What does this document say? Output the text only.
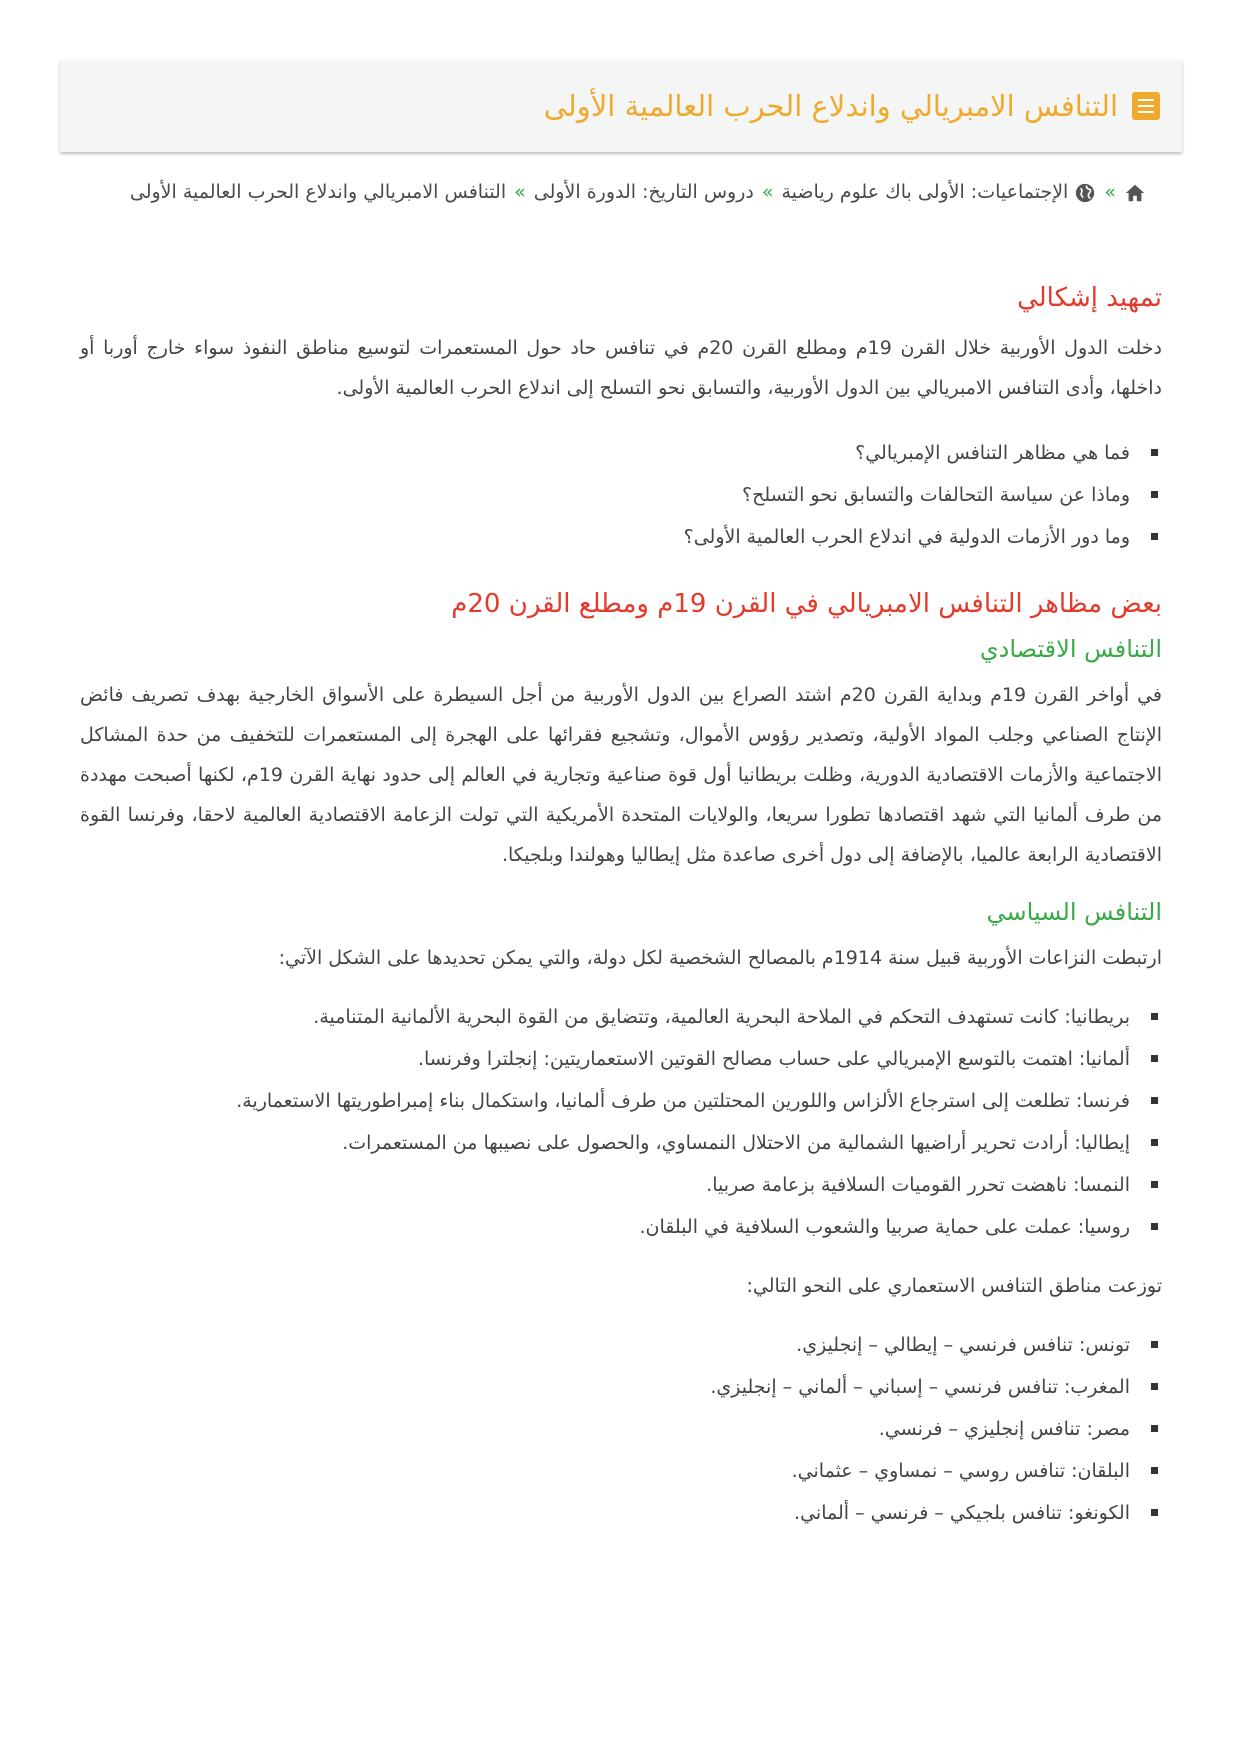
التنافس الامبريالي واندلاع الحرب العالمية الأولى
» الإجتماعيات: الأولى باك علوم رياضية»دروس التاريخ: الدورة الأولى»التنافس الامبريالي واندلاع الحرب العالمية الأولى
تمهيد إشكالي

دخلت الدول الأوربية خلال القرن 19م ومطلع القرن 20م في تنافس حاد حول المستعمرات لتوسيع مناطق النفوذ سواء خارج أوربا أو داخلها، وأدى التنافس الامبريالي بين الدول الأوربية، والتسابق نحو التسلح إلى اندلاع الحرب العالمية الأولى.

فما هي مظاهر التنافس الإمبريالي؟
وماذا عن سياسة التحالفات والتسابق نحو التسلح؟
وما دور الأزمات الدولية في اندلاع الحرب العالمية الأولى؟
بعض مظاهر التنافس الامبريالي في القرن 19م ومطلع القرن 20م
التنافس الاقتصادي

في أواخر القرن 19م وبداية القرن 20م اشتد الصراع بين الدول الأوربية من أجل السيطرة على الأسواق الخارجية بهدف تصريف فائض الإنتاج الصناعي وجلب المواد الأولية، وتصدير رؤوس الأموال، وتشجيع فقرائها على الهجرة إلى المستعمرات للتخفيف من حدة المشاكل الاجتماعية والأزمات الاقتصادية الدورية، وظلت بريطانيا أول قوة صناعية وتجارية في العالم إلى حدود نهاية القرن 19م، لكنها أصبحت مهددة من طرف ألمانيا التي شهد اقتصادها تطورا سريعا، والولايات المتحدة الأمريكية التي تولت الزعامة الاقتصادية العالمية لاحقا، وفرنسا القوة الاقتصادية الرابعة عالميا، بالإضافة إلى دول أخرى صاعدة مثل إيطاليا وهولندا وبلجيكا.

التنافس السياسي

ارتبطت النزاعات الأوربية قبيل سنة 1914م بالمصالح الشخصية لكل دولة، والتي يمكن تحديدها على الشكل الآتي:

بريطانيا: كانت تستهدف التحكم في الملاحة البحرية العالمية، وتتضايق من القوة البحرية الألمانية المتنامية.
ألمانيا: اهتمت بالتوسع الإمبريالي على حساب مصالح القوتين الاستعماريتين: إنجلترا وفرنسا.
فرنسا: تطلعت إلى استرجاع الألزاس واللورين المحتلتين من طرف ألمانيا، واستكمال بناء إمبراطوريتها الاستعمارية.
إيطاليا: أرادت تحرير أراضيها الشمالية من الاحتلال النمساوي، والحصول على نصيبها من المستعمرات.
النمسا: ناهضت تحرر القوميات السلافية بزعامة صربيا.
روسيا: عملت على حماية صربيا والشعوب السلافية في البلقان.

توزعت مناطق التنافس الاستعماري على النحو التالي:

تونس: تنافس فرنسي – إيطالي – إنجليزي.
المغرب: تنافس فرنسي – إسباني – ألماني – إنجليزي.
مصر: تنافس إنجليزي – فرنسي.
البلقان: تنافس روسي – نمساوي – عثماني.
الكونغو: تنافس بلجيكي – فرنسي – ألماني.
